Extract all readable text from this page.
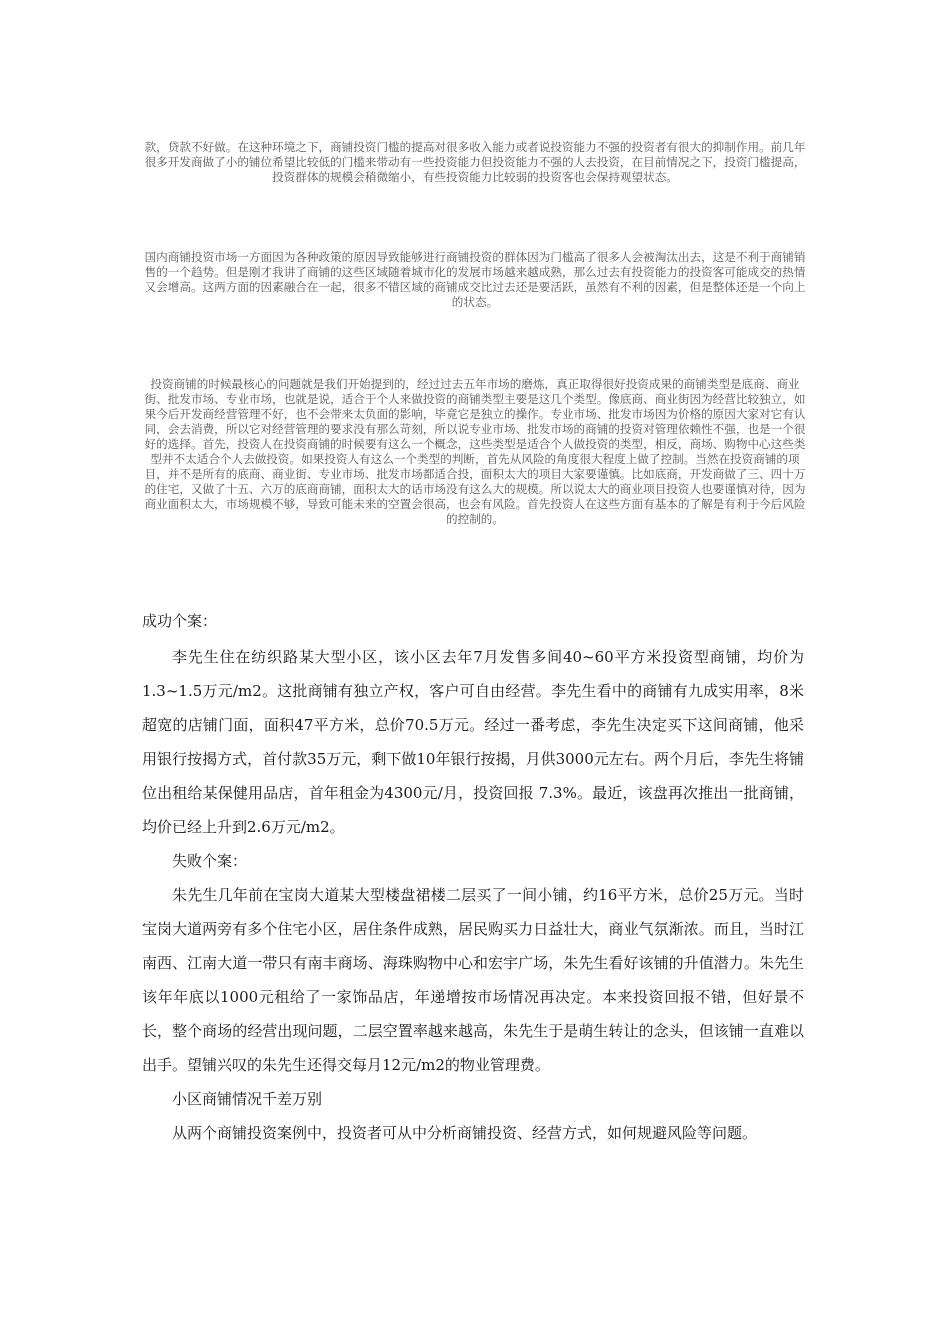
款，贷款不好做。在这种环境之下，商铺投资门槛的提高对很多收入能力或者说投资能力不强的投资者有很大的抑制作用。前几年很多开发商做了小的铺位希望比较低的门槛来带动有一些投资能力但投资能力不强的人去投资，在目前情况之下，投资门槛提高，投资群体的规模会稍微缩小，有些投资能力比较弱的投资客也会保持观望状态。

国内商铺投资市场一方面因为各种政策的原因导致能够进行商铺投资的群体因为门槛高了很多人会被淘汰出去，这是不利于商铺销售的一个趋势。但是刚才我讲了商铺的这些区域随着城市化的发展市场越来越成熟，那么过去有投资能力的投资客可能成交的热情又会增高。这两方面的因素融合在一起，很多不错区域的商铺成交比过去还是要活跃，虽然有不利的因素，但是整体还是一个向上的状态。

投资商铺的时候最核心的问题就是我们开始提到的，经过过去五年市场的磨炼，真正取得很好投资成果的商铺类型是底商、商业街、批发市场、专业市场，也就是说，适合于个人来做投资的商铺类型主要是这几个类型。像底商、商业街因为经营比较独立，如果今后开发商经营管理不好，也不会带来太负面的影响，毕竟它是独立的操作。专业市场、批发市场因为价格的原因大家对它有认同，会去消费，所以它对经营管理的要求没有那么苛刻，所以说专业市场、批发市场的商铺的投资对管理依赖性不强，也是一个很好的选择。首先，投资人在投资商铺的时候要有这么一个概念，这些类型是适合个人做投资的类型，相反，商场、购物中心这些类型并不太适合个人去做投资。如果投资人有这么一个类型的判断，首先从风险的角度很大程度上做了控制。当然在投资商铺的项目，并不是所有的底商、商业街、专业市场、批发市场都适合投，面积太大的项目大家要谨慎。比如底商，开发商做了三、四十万的住宅，又做了十五、六万的底商商铺，面积太大的话市场没有这么大的规模。所以说太大的商业项目投资人也要谨慎对待，因为商业面积太大，市场规模不够，导致可能未来的空置会很高，也会有风险。首先投资人在这些方面有基本的了解是有利于今后风险的控制的。

成功个案：

李先生住在纺织路某大型小区，该小区去年7月发售多间40~60平方米投资型商铺，均价为1.3~1.5万元/m2。这批商铺有独立产权，客户可自由经营。李先生看中的商铺有九成实用率，8米超宽的店铺门面，面积47平方米，总价70.5万元。经过一番考虑，李先生决定买下这间商铺，他采用银行按揭方式，首付款35万元，剩下做10年银行按揭，月供3000元左右。两个月后，李先生将铺位出租给某保健用品店，首年租金为4300元/月，投资回报 7.3%。最近，该盘再次推出一批商铺，均价已经上升到2.6万元/m2。

失败个案：

朱先生几年前在宝岗大道某大型楼盘裙楼二层买了一间小铺，约16平方米，总价25万元。当时宝岗大道两旁有多个住宅小区，居住条件成熟，居民购买力日益壮大，商业气氛渐浓。而且，当时江南西、江南大道一带只有南丰商场、海珠购物中心和宏宇广场，朱先生看好该铺的升值潜力。朱先生该年年底以1000元租给了一家饰品店，年递增按市场情况再决定。本来投资回报不错，但好景不长，整个商场的经营出现问题，二层空置率越来越高，朱先生于是萌生转让的念头，但该铺一直难以出手。望铺兴叹的朱先生还得交每月12元/m2的物业管理费。

小区商铺情况千差万别

从两个商铺投资案例中，投资者可从中分析商铺投资、经营方式，如何规避风险等问题。
